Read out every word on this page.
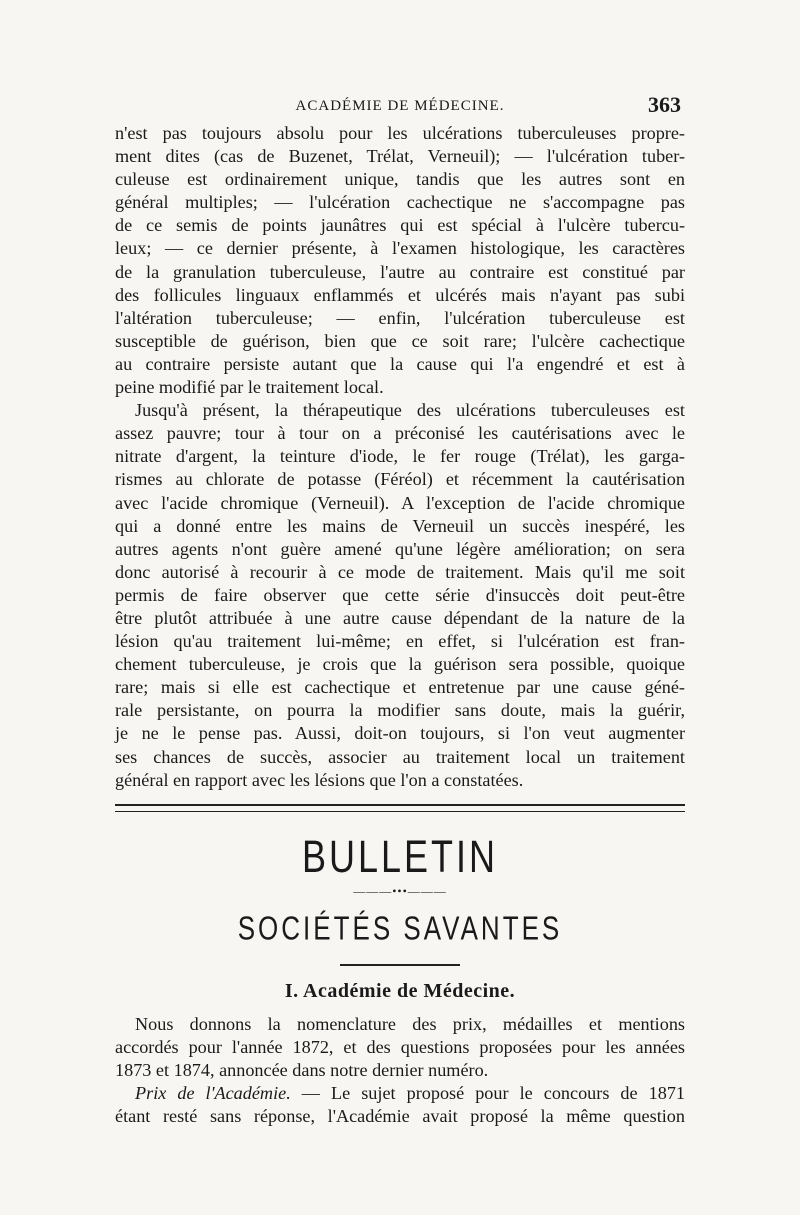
ACADÉMIE DE MÉDECINE.	363

n'est pas toujours absolu pour les ulcérations tuberculeuses propre-
ment dites (cas de Buzenet, Trélat, Verneuil); — l'ulcération tuber-
culeuse est ordinairement unique, tandis que les autres sont en
général multiples; — l'ulcération cachectique ne s'accompagne pas
de ce semis de points jaunâtres qui est spécial à l'ulcère tubercu-
leux; — ce dernier présente, à l'examen histologique, les caractères
de la granulation tuberculeuse, l'autre au contraire est constitué par
des follicules linguaux enflammés et ulcérés mais n'ayant pas subi
l'altération tuberculeuse; — enfin, l'ulcération tuberculeuse est
susceptible de guérison, bien que ce soit rare; l'ulcère cachectique
au contraire persiste autant que la cause qui l'a engendré et est à
peine modifié par le traitement local.

Jusqu'à présent, la thérapeutique des ulcérations tuberculeuses est
assez pauvre; tour à tour on a préconisé les cautérisations avec le
nitrate d'argent, la teinture d'iode, le fer rouge (Trélat), les garga-
rismes au chlorate de potasse (Féréol) et récemment la cautérisation
avec l'acide chromique (Verneuil). A l'exception de l'acide chromique
qui a donné entre les mains de Verneuil un succès inespéré, les
autres agents n'ont guère amené qu'une légère amélioration; on sera
donc autorisé à recourir à ce mode de traitement. Mais qu'il me soit
permis de faire observer que cette série d'insuccès doit peut-être
être plutôt attribuée à une autre cause dépendant de la nature de la
lésion qu'au traitement lui-même; en effet, si l'ulcération est fran-
chement tuberculeuse, je crois que la guérison sera possible, quoique
rare; mais si elle est cachectique et entretenue par une cause géné-
rale persistante, on pourra la modifier sans doute, mais la guérir,
je ne le pense pas. Aussi, doit-on toujours, si l'on veut augmenter
ses chances de succès, associer au traitement local un traitement
général en rapport avec les lésions que l'on a constatées.

BULLETIN
———•••———
SOCIÉTÉS SAVANTES
I. Académie de Médecine.

Nous donnons la nomenclature des prix, médailles et mentions
accordés pour l'année 1872, et des questions proposées pour les années
1873 et 1874, annoncée dans notre dernier numéro.

Prix de l'Académie. — Le sujet proposé pour le concours de 1871
étant resté sans réponse, l'Académie avait proposé la même question
